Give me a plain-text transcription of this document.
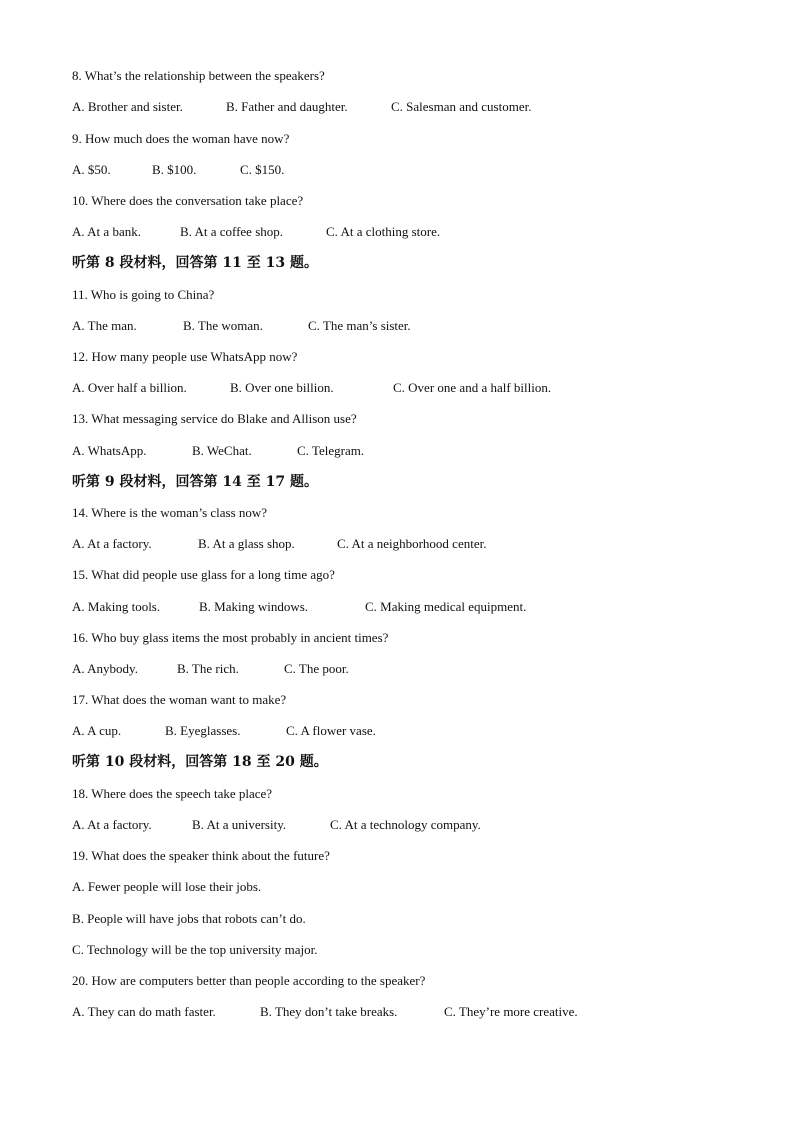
8. What’s the relationship between the speakers?
A. Brother and sister.	B. Father and daughter.	C. Salesman and customer.
9. How much does the woman have now?
A. $50.	B. $100.	C. $150.
10. Where does the conversation take place?
A. At a bank.	B. At a coffee shop.	C. At a clothing store.
听第 8 段材料，回答第 11 至 13 题。
11. Who is going to China?
A. The man.	B. The woman.	C. The man’s sister.
12. How many people use WhatsApp now?
A. Over half a billion.	B. Over one billion.	C. Over one and a half billion.
13. What messaging service do Blake and Allison use?
A. WhatsApp.	B. WeChat.	C. Telegram.
听第 9 段材料，回答第 14 至 17 题。
14. Where is the woman’s class now?
A. At a factory.	B. At a glass shop.	C. At a neighborhood center.
15. What did people use glass for a long time ago?
A. Making tools.	B. Making windows.	C. Making medical equipment.
16. Who buy glass items the most probably in ancient times?
A. Anybody.	B. The rich.	C. The poor.
17. What does the woman want to make?
A. A cup.	B. Eyeglasses.	C. A flower vase.
听第 10 段材料，回答第 18 至 20 题。
18. Where does the speech take place?
A. At a factory.	B. At a university.	C. At a technology company.
19. What does the speaker think about the future?
A. Fewer people will lose their jobs.
B. People will have jobs that robots can’t do.
C. Technology will be the top university major.
20. How are computers better than people according to the speaker?
A. They can do math faster.	B. They don’t take breaks.	C. They’re more creative.
